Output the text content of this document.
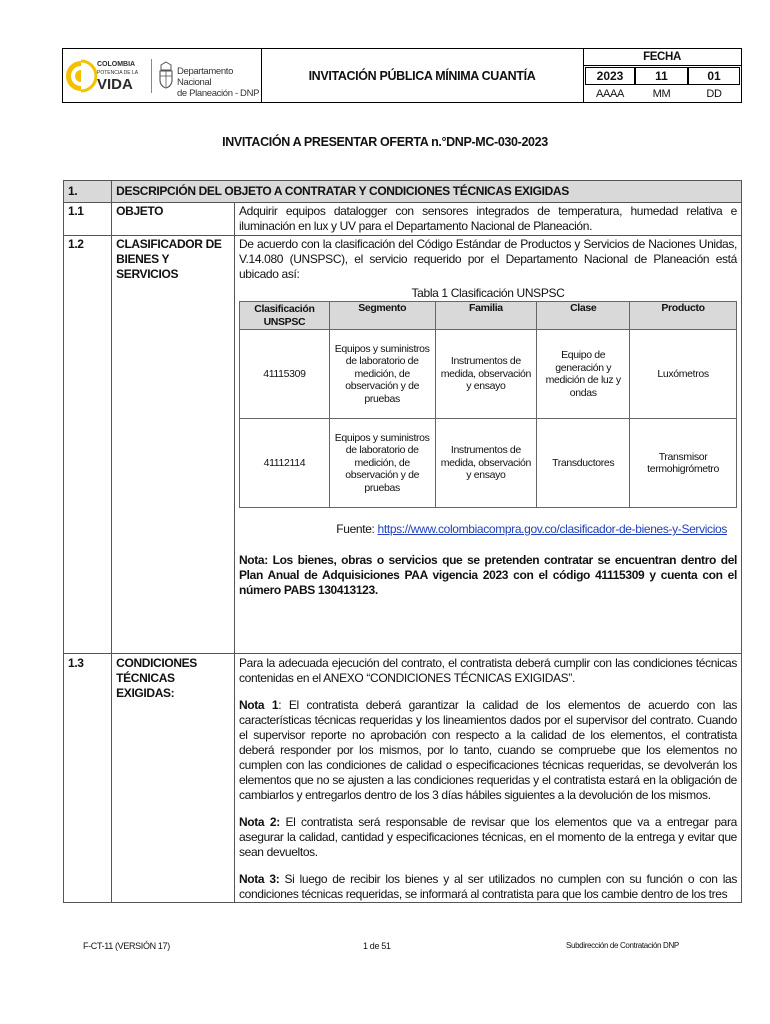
COLOMBIA
POTENCIA DE LA
VIDA
Departamento Nacional
de Planeación - DNP
INVITACIÓN PÚBLICA MÍNIMA CUANTÍA
FECHA
2023	11	01
AAAA	MM	DD
INVITACIÓN A PRESENTAR OFERTA n.°DNP-MC-030-2023
1.	DESCRIPCIÓN DEL OBJETO A CONTRATAR Y CONDICIONES TÉCNICAS EXIGIDAS
1.1	OBJETO	Adquirir equipos datalogger con sensores integrados de temperatura, humedad relativa e iluminación en lux y UV para el Departamento Nacional de Planeación.
1.2	CLASIFICADOR DE BIENES Y SERVICIOS	
De acuerdo con la clasificación del Código Estándar de Productos y Servicios de Naciones Unidas, V.14.080 (UNSPSC), el servicio requerido por el Departamento Nacional de Planeación está ubicado así:
Tabla 1 Clasificación UNSPSC
Clasificación UNSPSC	Segmento	Familia	Clase	Producto
41115309	Equipos y suministros de laboratorio de medición, de observación y de pruebas	Instrumentos de medida, observación y ensayo	Equipo de generación y medición de luz y ondas	Luxómetros
41112114	Equipos y suministros de laboratorio de medición, de observación y de pruebas	Instrumentos de medida, observación y ensayo	Transductores	Transmisor termohigrómetro
Fuente: https://www.colombiacompra.gov.co/clasificador-de-bienes-y-Servicios
Nota: Los bienes, obras o servicios que se pretenden contratar se encuentran dentro del Plan Anual de Adquisiciones PAA vigencia 2023 con el código 41115309 y cuenta con el número PABS 130413123.

1.3	CONDICIONES TÉCNICAS EXIGIDAS:	
Para la adecuada ejecución del contrato, el contratista deberá cumplir con las condiciones técnicas contenidas en el ANEXO “CONDICIONES TÉCNICAS EXIGIDAS”.
Nota 1: El contratista deberá garantizar la calidad de los elementos de acuerdo con las características técnicas requeridas y los lineamientos dados por el supervisor del contrato. Cuando el supervisor reporte no aprobación con respecto a la calidad de los elementos, el contratista deberá responder por los mismos, por lo tanto, cuando se compruebe que los elementos no cumplen con las condiciones de calidad o especificaciones técnicas requeridas, se devolverán los elementos que no se ajusten a las condiciones requeridas y el contratista estará en la obligación de cambiarlos y entregarlos dentro de los 3 días hábiles siguientes a la devolución de los mismos.
Nota 2: El contratista será responsable de revisar que los elementos que va a entregar para asegurar la calidad, cantidad y especificaciones técnicas, en el momento de la entrega y evitar que sean devueltos.
Nota 3: Si luego de recibir los bienes y al ser utilizados no cumplen con su función o con las condiciones técnicas requeridas, se informará al contratista para que los cambie dentro de los tres
F-CT-11 (VERSIÓN 17)	1 de 51	Subdirección de Contratación DNP
